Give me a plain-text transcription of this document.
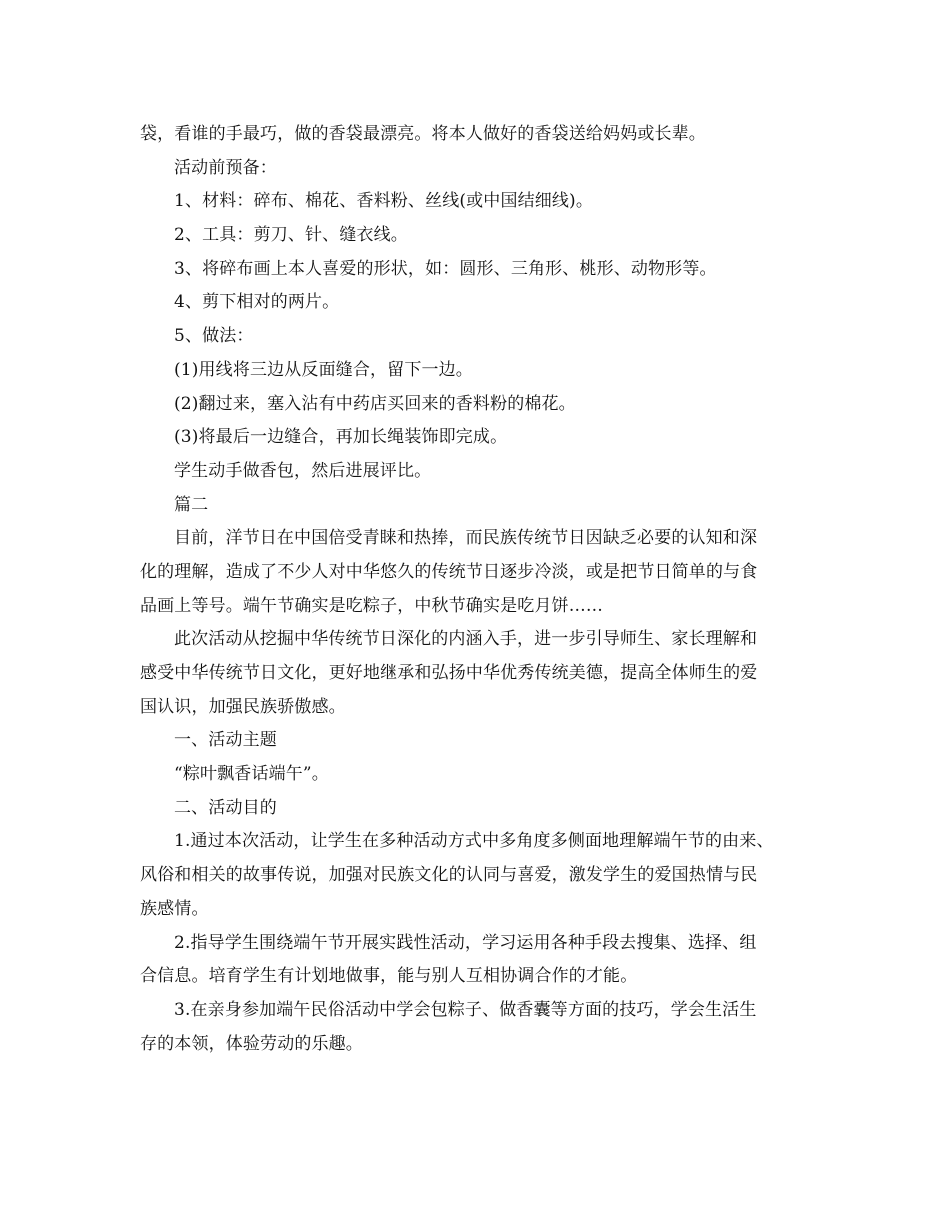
袋，看谁的手最巧，做的香袋最漂亮。将本人做好的香袋送给妈妈或长辈。
活动前预备：
1、材料：碎布、棉花、香料粉、丝线(或中国结细线)。
2、工具：剪刀、针、缝衣线。
3、将碎布画上本人喜爱的形状，如：圆形、三角形、桃形、动物形等。
4、剪下相对的两片。
5、做法：
(1)用线将三边从反面缝合，留下一边。
(2)翻过来，塞入沾有中药店买回来的香料粉的棉花。
(3)将最后一边缝合，再加长绳装饰即完成。
学生动手做香包，然后进展评比。
篇二
目前，洋节日在中国倍受青睐和热捧，而民族传统节日因缺乏必要的认知和深
化的理解，造成了不少人对中华悠久的传统节日逐步冷淡，或是把节日简单的与食
品画上等号。端午节确实是吃粽子，中秋节确实是吃月饼……
此次活动从挖掘中华传统节日深化的内涵入手，进一步引导师生、家长理解和
感受中华传统节日文化，更好地继承和弘扬中华优秀传统美德，提高全体师生的爱
国认识，加强民族骄傲感。
一、活动主题
“粽叶飘香话端午”。
二、活动目的
1.通过本次活动，让学生在多种活动方式中多角度多侧面地理解端午节的由来、
风俗和相关的故事传说，加强对民族文化的认同与喜爱，激发学生的爱国热情与民
族感情。
2.指导学生围绕端午节开展实践性活动，学习运用各种手段去搜集、选择、组
合信息。培育学生有计划地做事，能与别人互相协调合作的才能。
3.在亲身参加端午民俗活动中学会包粽子、做香囊等方面的技巧，学会生活生
存的本领，体验劳动的乐趣。
